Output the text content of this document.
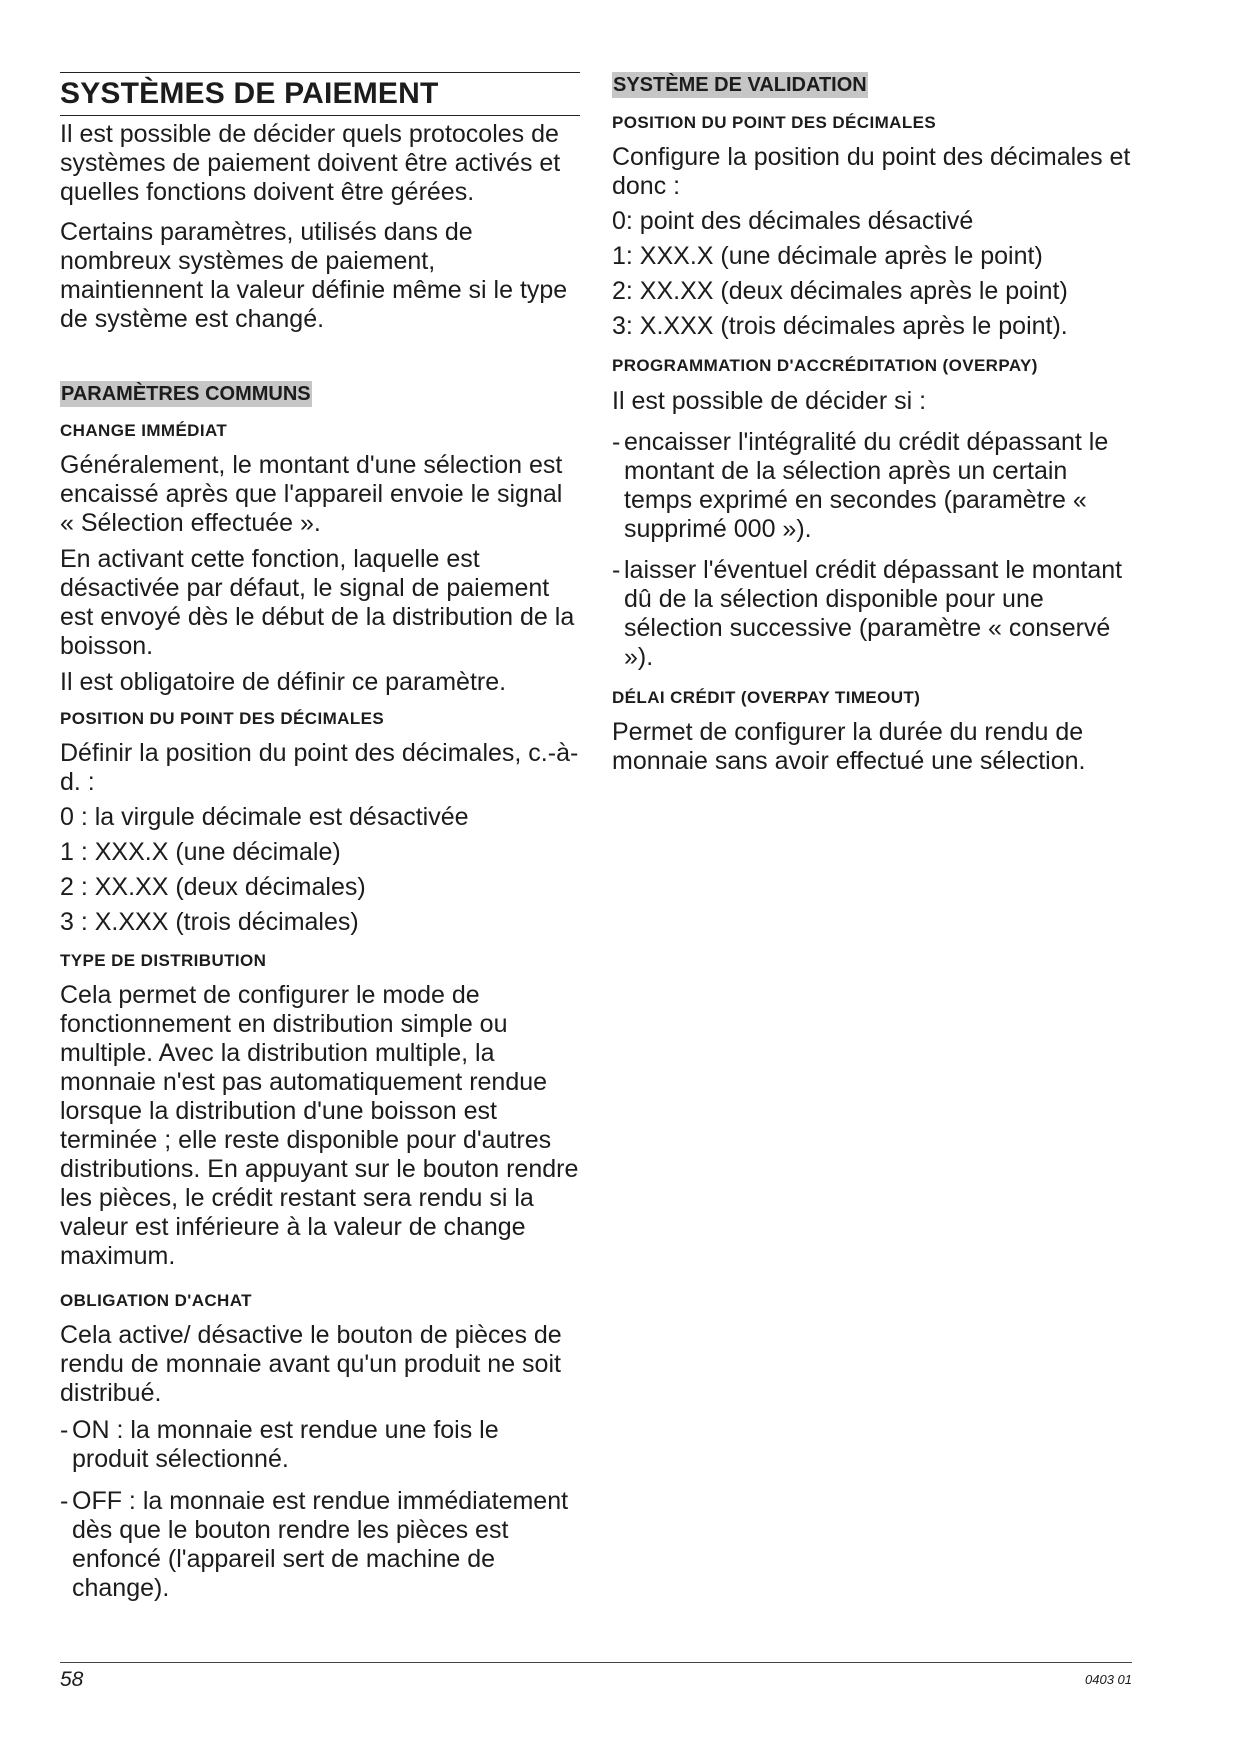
SYSTÈMES DE PAIEMENT

Il est possible de décider quels protocoles de systèmes de paiement doivent être activés et quelles fonctions doivent être gérées.

Certains paramètres, utilisés dans de nombreux systèmes de paiement, maintiennent la valeur définie même si le type de système est changé.

PARAMÈTRES COMMUNS
CHANGE IMMÉDIAT

Généralement, le montant d'une sélection est encaissé après que l'appareil envoie le signal « Sélection effectuée ».

En activant cette fonction, laquelle est désactivée par défaut, le signal de paiement est envoyé dès le début de la distribution de la boisson.

Il est obligatoire de définir ce paramètre.

POSITION DU POINT DES DÉCIMALES

Définir la position du point des décimales, c.-à-d. :

0 : la virgule décimale est désactivée

1 : XXX.X (une décimale)

2 : XX.XX (deux décimales)

3 : X.XXX (trois décimales)

TYPE DE DISTRIBUTION

Cela permet de configurer le mode de fonctionnement en distribution simple ou multiple. Avec la distribution multiple, la monnaie n'est pas automatiquement rendue lorsque la distribution d'une boisson est terminée ; elle reste disponible pour d'autres distributions. En appuyant sur le bouton rendre les pièces, le crédit restant sera rendu si la valeur est inférieure à la valeur de change maximum.

OBLIGATION D'ACHAT

Cela active/ désactive le bouton de pièces de rendu de monnaie avant qu'un produit ne soit distribué.

- ON : la monnaie est rendue une fois le produit sélectionné.
- OFF : la monnaie est rendue immédiatement dès que le bouton rendre les pièces est enfoncé (l'appareil sert de machine de change).
SYSTÈME DE VALIDATION
POSITION DU POINT DES DÉCIMALES

Configure la position du point des décimales et donc :

0: point des décimales désactivé

1: XXX.X (une décimale après le point)

2: XX.XX (deux décimales après le point)

3: X.XXX (trois décimales après le point).

PROGRAMMATION D'ACCRÉDITATION (OVERPAY)

Il est possible de décider si :

- encaisser l'intégralité du crédit dépassant le montant de la sélection après un certain temps exprimé en secondes (paramètre « supprimé 000 »).
- laisser l'éventuel crédit dépassant le montant dû de la sélection disponible pour une sélection successive (paramètre « conservé »).
DÉLAI CRÉDIT (OVERPAY TIMEOUT)

Permet de configurer la durée du rendu de monnaie sans avoir effectué une sélection.

58	0403 01
